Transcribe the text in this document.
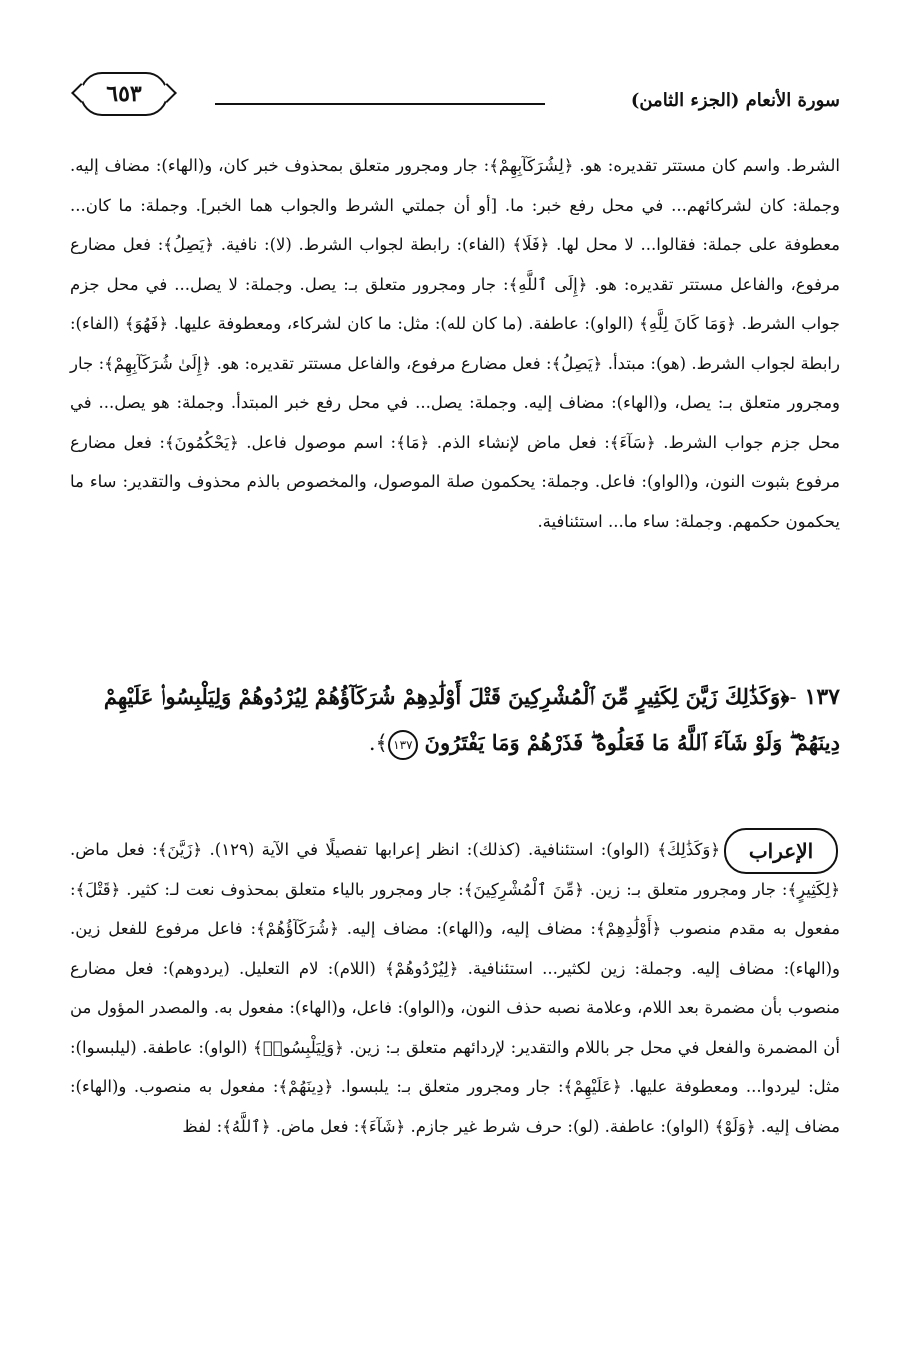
٦٥٣	سورة الأنعام (الجزء الثامن)

الشرط. واسم كان مستتر تقديره: هو. ﴿لِشُرَكَآبِهِمْ﴾: جار ومجرور متعلق بمحذوف خبر كان، و(الهاء): مضاف إليه. وجملة: كان لشركائهم... في محل رفع خبر: ما. [أو أن جملتي الشرط والجواب هما الخبر]. وجملة: ما كان... معطوفة على جملة: فقالوا... لا محل لها. ﴿فَلَا﴾ (الفاء): رابطة لجواب الشرط. (لا): نافية. ﴿يَصِلُ﴾: فعل مضارع مرفوع، والفاعل مستتر تقديره: هو. ﴿إِلَى ٱللَّهِ﴾: جار ومجرور متعلق بـ: يصل. وجملة: لا يصل... في محل جزم جواب الشرط. ﴿وَمَا كَانَ لِلَّهِ﴾ (الواو): عاطفة. (ما كان لله): مثل: ما كان لشركاء، ومعطوفة عليها. ﴿فَهُوَ﴾ (الفاء): رابطة لجواب الشرط. (هو): مبتدأ. ﴿يَصِلُ﴾: فعل مضارع مرفوع، والفاعل مستتر تقديره: هو. ﴿إِلَىٰ شُرَكَآبِهِمْ﴾: جار ومجرور متعلق بـ: يصل، و(الهاء): مضاف إليه. وجملة: يصل... في محل رفع خبر المبتدأ. وجملة: هو يصل... في محل جزم جواب الشرط. ﴿سَآءَ﴾: فعل ماض لإنشاء الذم. ﴿مَا﴾: اسم موصول فاعل. ﴿يَحْكُمُونَ﴾: فعل مضارع مرفوع بثبوت النون، و(الواو): فاعل. وجملة: يحكمون صلة الموصول، والمخصوص بالذم محذوف والتقدير: ساء ما يحكمون حكمهم. وجملة: ساء ما... استئنافية.

١٣٧-﴿وَكَذَٰلِكَ زَيَّنَ لِكَثِيرٍ مِّنَ ٱلْمُشْرِكِينَ قَتْلَ أَوْلَٰدِهِمْ شُرَكَآؤُهُمْ لِيُرْدُوهُمْ وَلِيَلْبِسُوا۟ عَلَيْهِمْ دِينَهُمْ ۖ وَلَوْ شَآءَ ٱللَّهُ مَا فَعَلُوهُ ۖ فَذَرْهُمْ وَمَا يَفْتَرُونَ ١٣٧﴾.
﴿وَكَذَٰلِكَ﴾ (الواو): استئنافية. (كذلك): انظر إعرابها تفصيلًا في الآية (١٢٩). ﴿زَيَّنَ﴾: فعل ماض. ﴿لِكَثِيرٍ﴾: جار ومجرور متعلق بـ: زين. ﴿مِّنَ ٱلْمُشْرِكِينَ﴾: جار ومجرور بالياء متعلق بمحذوف نعت لـ: كثير. ﴿قَتْلَ﴾: مفعول به مقدم منصوب ﴿أَوْلَٰدِهِمْ﴾: مضاف إليه، و(الهاء): مضاف إليه. ﴿شُرَكَآؤُهُمْ﴾: فاعل مرفوع للفعل زين. و(الهاء): مضاف إليه. وجملة: زين لكثير... استئنافية. ﴿لِيُرْدُوهُمْ﴾ (اللام): لام التعليل. (يردوهم): فعل مضارع منصوب بأن مضمرة بعد اللام، وعلامة نصبه حذف النون، و(الواو): فاعل، و(الهاء): مفعول به. والمصدر المؤول من أن المضمرة والفعل في محل جر باللام والتقدير: لإردائهم متعلق بـ: زين. ﴿وَلِيَلْبِسُوا۟﴾ (الواو): عاطفة. (ليلبسوا): مثل: ليردوا... ومعطوفة عليها. ﴿عَلَيْهِمْ﴾: جار ومجرور متعلق بـ: يلبسوا. ﴿دِينَهُمْ﴾: مفعول به منصوب. و(الهاء): مضاف إليه. ﴿وَلَوْ﴾ (الواو): عاطفة. (لو): حرف شرط غير جازم. ﴿شَآءَ﴾: فعل ماض. ﴿ٱللَّهُ﴾: لفظ
الإعراب
